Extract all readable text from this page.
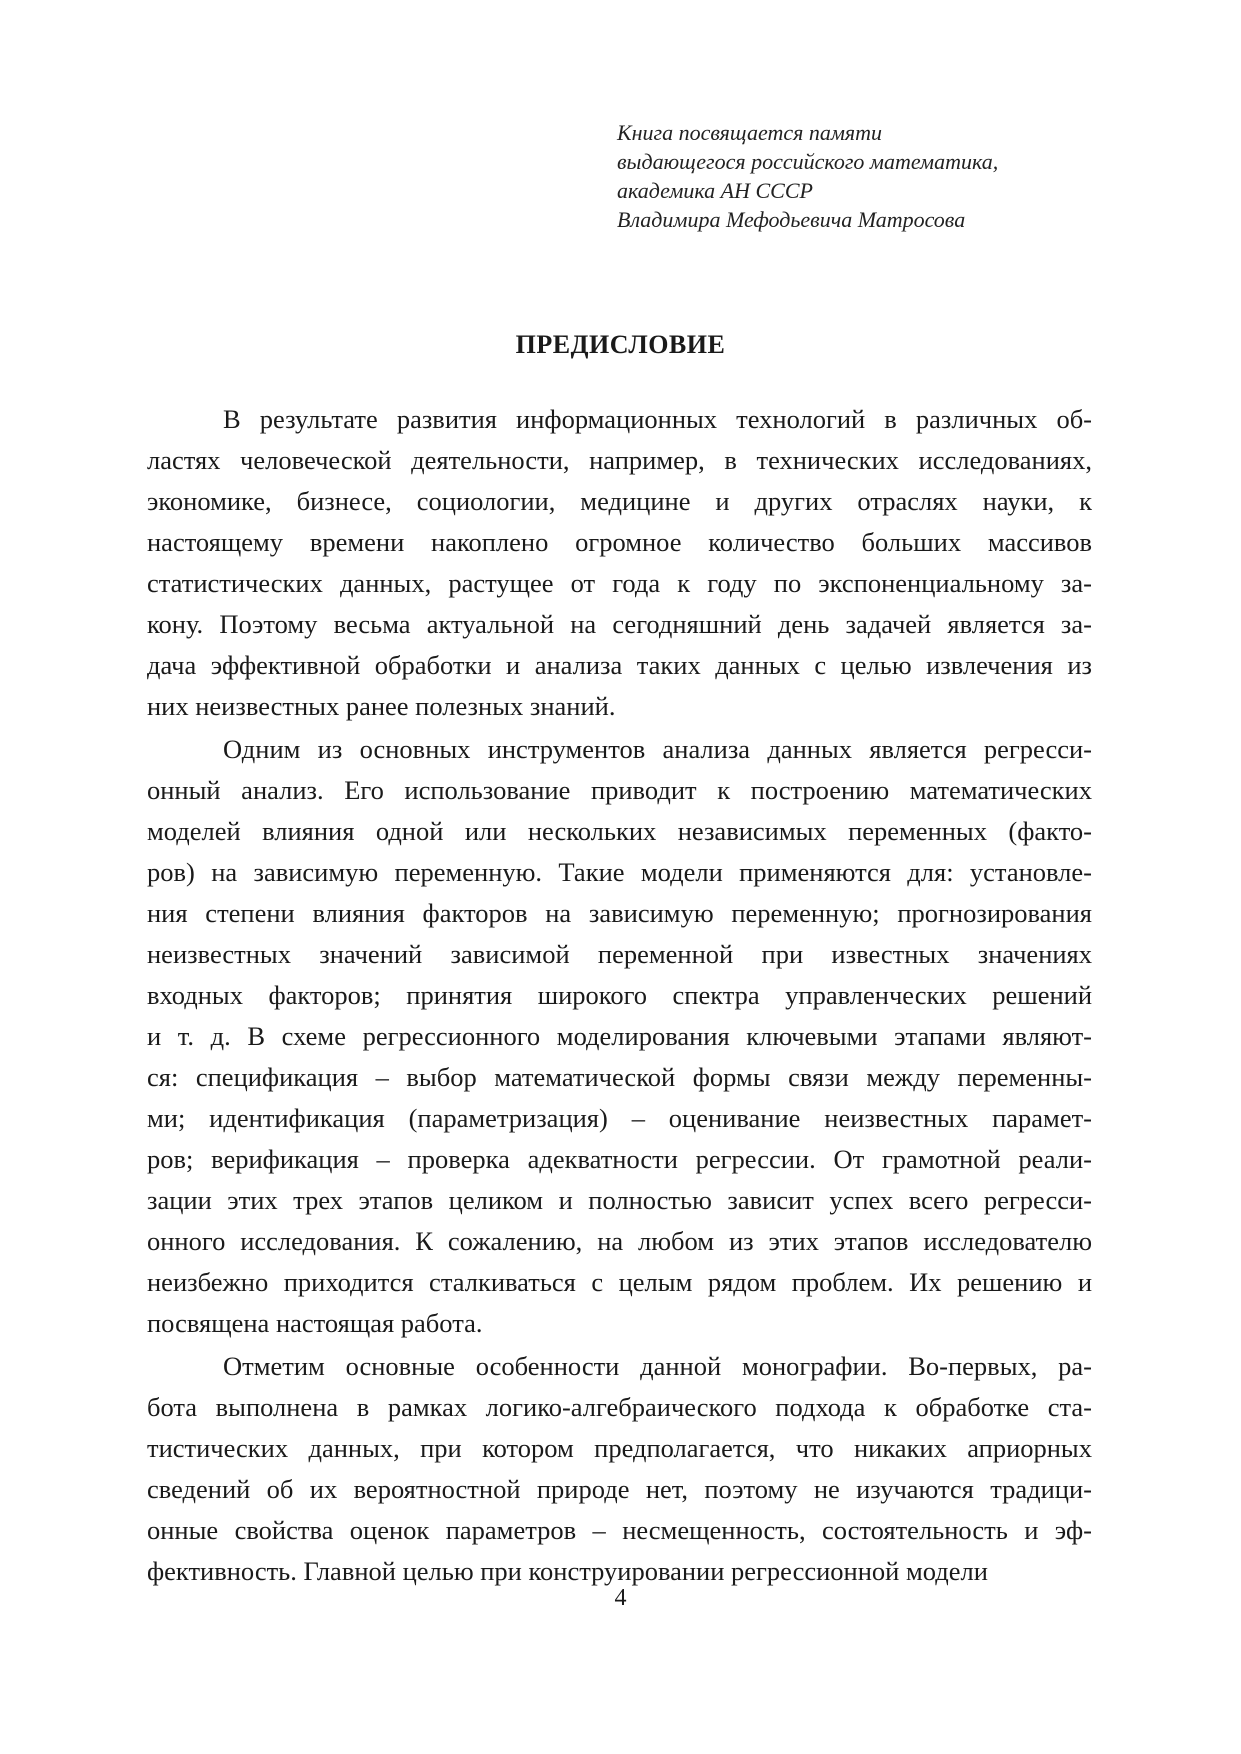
Книга посвящается памяти
выдающегося российского математика,
академика АН СССР
Владимира Мефодьевича Матросова
ПРЕДИСЛОВИЕ
В результате развития информационных технологий в различных об-
ластях человеческой деятельности, например, в технических исследованиях,
экономике, бизнесе, социологии, медицине и других отраслях науки, к
настоящему времени накоплено огромное количество больших массивов
статистических данных, растущее от года к году по экспоненциальному за-
кону. Поэтому весьма актуальной на сегодняшний день задачей является за-
дача эффективной обработки и анализа таких данных с целью извлечения из
них неизвестных ранее полезных знаний.
Одним из основных инструментов анализа данных является регресси-
онный анализ. Его использование приводит к построению математических
моделей влияния одной или нескольких независимых переменных (факто-
ров) на зависимую переменную. Такие модели применяются для: установле-
ния степени влияния факторов на зависимую переменную; прогнозирования
неизвестных значений зависимой переменной при известных значениях
входных факторов; принятия широкого спектра управленческих решений
и т. д. В схеме регрессионного моделирования ключевыми этапами являют-
ся: спецификация – выбор математической формы связи между переменны-
ми; идентификация (параметризация) – оценивание неизвестных парамет-
ров; верификация – проверка адекватности регрессии. От грамотной реали-
зации этих трех этапов целиком и полностью зависит успех всего регресси-
онного исследования. К сожалению, на любом из этих этапов исследователю
неизбежно приходится сталкиваться с целым рядом проблем. Их решению и
посвящена настоящая работа.
Отметим основные особенности данной монографии. Во-первых, ра-
бота выполнена в рамках логико-алгебраического подхода к обработке ста-
тистических данных, при котором предполагается, что никаких априорных
сведений об их вероятностной природе нет, поэтому не изучаются традици-
онные свойства оценок параметров – несмещенность, состоятельность и эф-
фективность. Главной целью при конструировании регрессионной модели
4
